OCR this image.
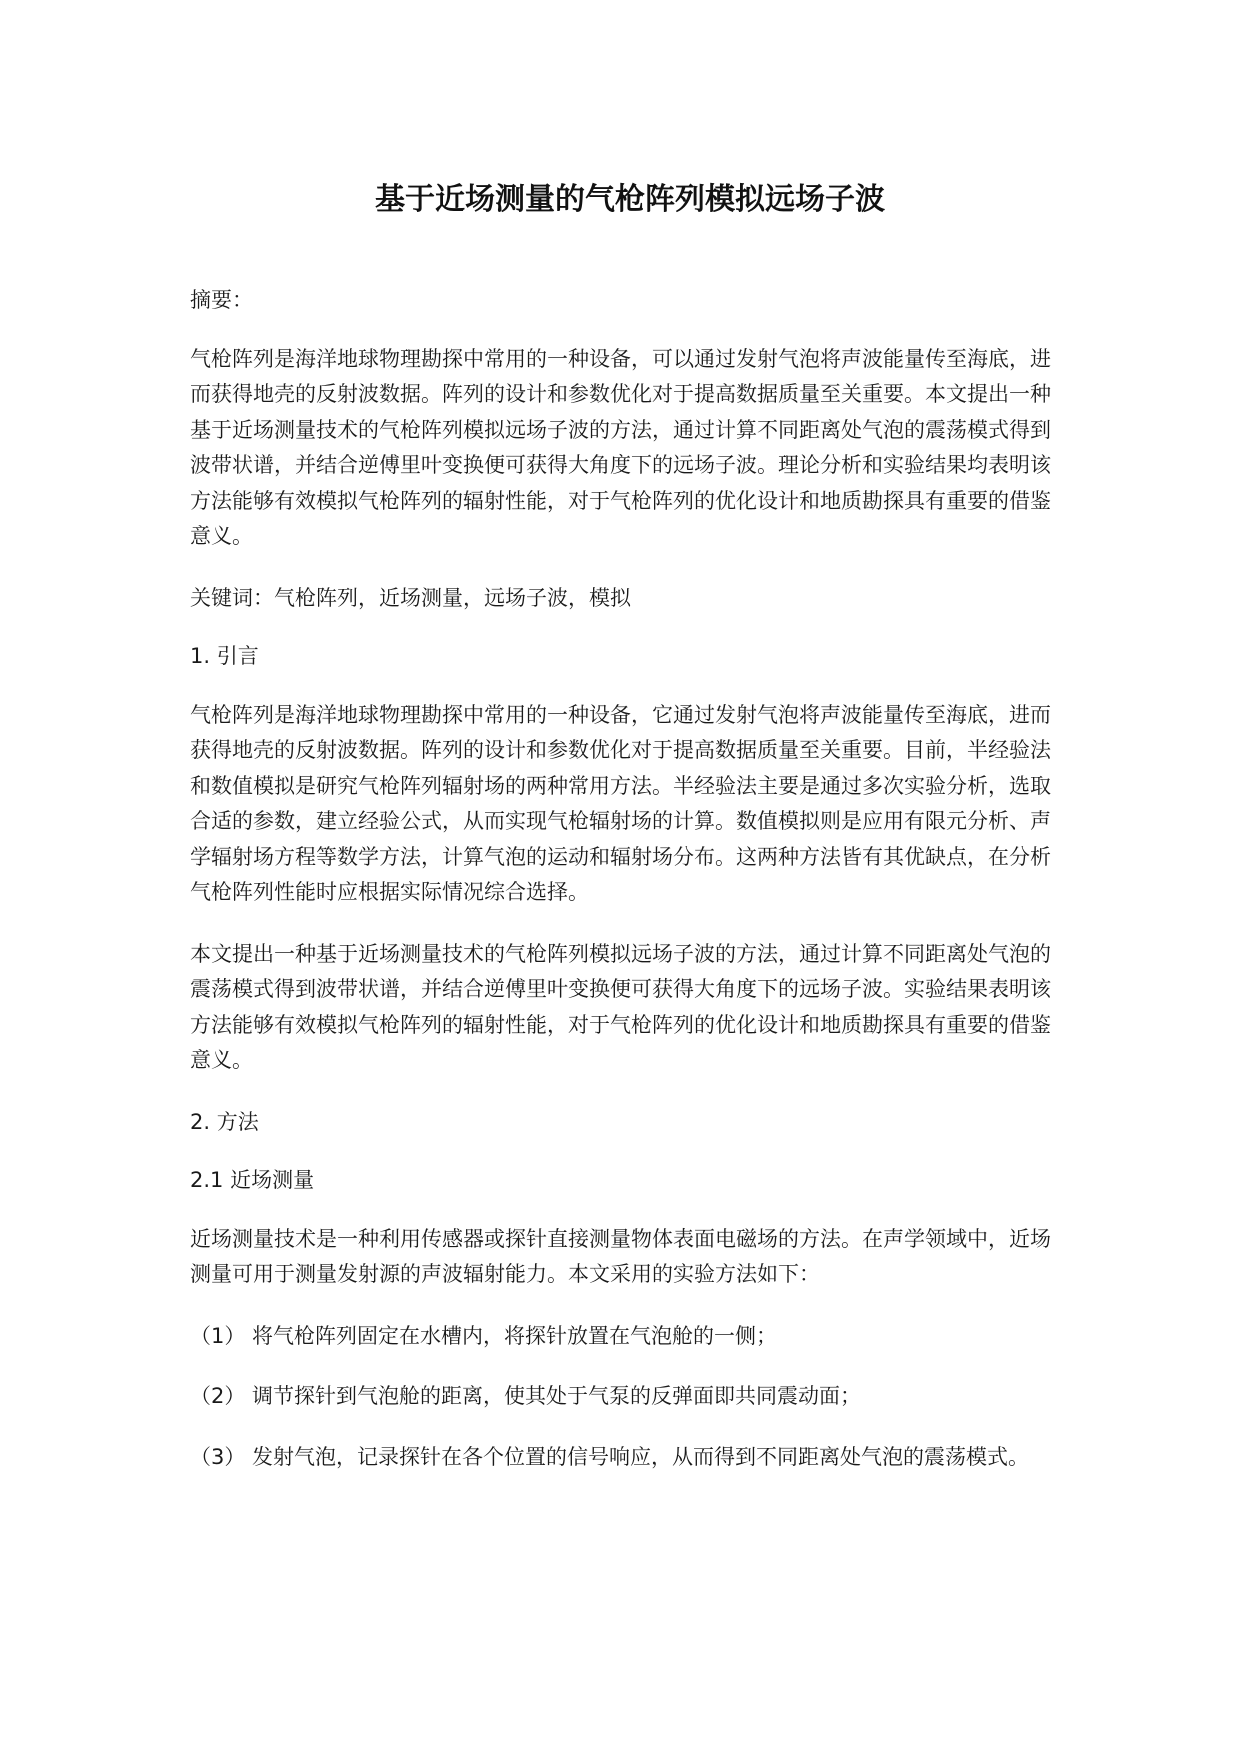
基于近场测量的气枪阵列模拟远场子波

摘要：

气枪阵列是海洋地球物理勘探中常用的一种设备，可以通过发射气泡将声波能量传至海底，进而获得地壳的反射波数据。阵列的设计和参数优化对于提高数据质量至关重要。本文提出一种基于近场测量技术的气枪阵列模拟远场子波的方法，通过计算不同距离处气泡的震荡模式得到波带状谱，并结合逆傅里叶变换便可获得大角度下的远场子波。理论分析和实验结果均表明该方法能够有效模拟气枪阵列的辐射性能，对于气枪阵列的优化设计和地质勘探具有重要的借鉴意义。

关键词：气枪阵列，近场测量，远场子波，模拟

1. 引言

气枪阵列是海洋地球物理勘探中常用的一种设备，它通过发射气泡将声波能量传至海底，进而获得地壳的反射波数据。阵列的设计和参数优化对于提高数据质量至关重要。目前，半经验法和数值模拟是研究气枪阵列辐射场的两种常用方法。半经验法主要是通过多次实验分析，选取合适的参数，建立经验公式，从而实现气枪辐射场的计算。数值模拟则是应用有限元分析、声学辐射场方程等数学方法，计算气泡的运动和辐射场分布。这两种方法皆有其优缺点，在分析气枪阵列性能时应根据实际情况综合选择。

本文提出一种基于近场测量技术的气枪阵列模拟远场子波的方法，通过计算不同距离处气泡的震荡模式得到波带状谱，并结合逆傅里叶变换便可获得大角度下的远场子波。实验结果表明该方法能够有效模拟气枪阵列的辐射性能，对于气枪阵列的优化设计和地质勘探具有重要的借鉴意义。

2. 方法

2.1 近场测量

近场测量技术是一种利用传感器或探针直接测量物体表面电磁场的方法。在声学领域中，近场测量可用于测量发射源的声波辐射能力。本文采用的实验方法如下：

（1） 将气枪阵列固定在水槽内，将探针放置在气泡舱的一侧；

（2） 调节探针到气泡舱的距离，使其处于气泵的反弹面即共同震动面；

（3） 发射气泡，记录探针在各个位置的信号响应，从而得到不同距离处气泡的震荡模式。
